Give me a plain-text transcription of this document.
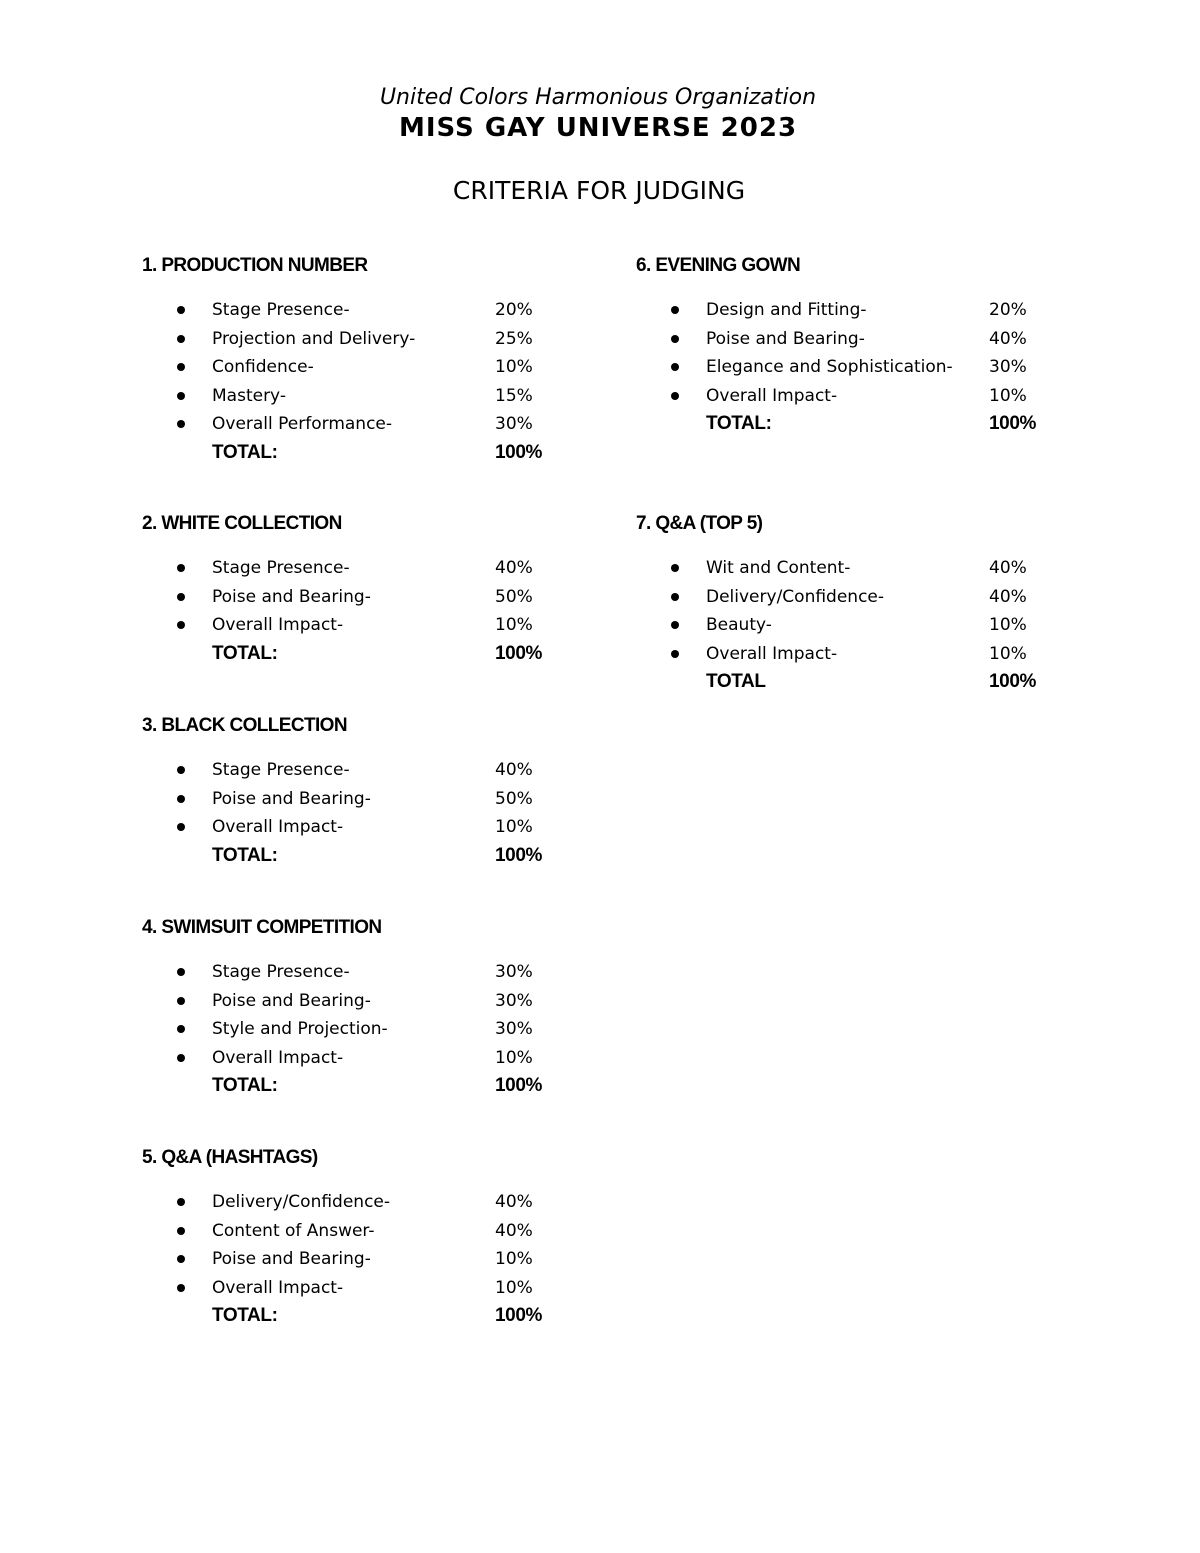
United Colors Harmonious Organization
MISS GAY UNIVERSE 2023
CRITERIA FOR JUDGING
1. PRODUCTION NUMBER
Stage Presence-	20%
Projection and Delivery-	25%
Confidence-	10%
Mastery-	15%
Overall Performance-	30%
TOTAL:	100%
2. WHITE COLLECTION
Stage Presence-	40%
Poise and Bearing-	50%
Overall Impact-	10%
TOTAL:	100%
3. BLACK COLLECTION
Stage Presence-	40%
Poise and Bearing-	50%
Overall Impact-	10%
TOTAL:	100%
4. SWIMSUIT COMPETITION
Stage Presence-	30%
Poise and Bearing-	30%
Style and Projection-	30%
Overall Impact-	10%
TOTAL:	100%
5. Q&A (HASHTAGS)
Delivery/Confidence-	40%
Content of Answer-	40%
Poise and Bearing-	10%
Overall Impact-	10%
TOTAL:	100%
6. EVENING GOWN
Design and Fitting-	20%
Poise and Bearing-	40%
Elegance and Sophistication- 30%
Overall Impact-	10%
TOTAL:	100%
7. Q&A (TOP 5)
Wit and Content-	40%
Delivery/Confidence-	40%
Beauty-	10%
Overall Impact-	10%
TOTAL	100%
